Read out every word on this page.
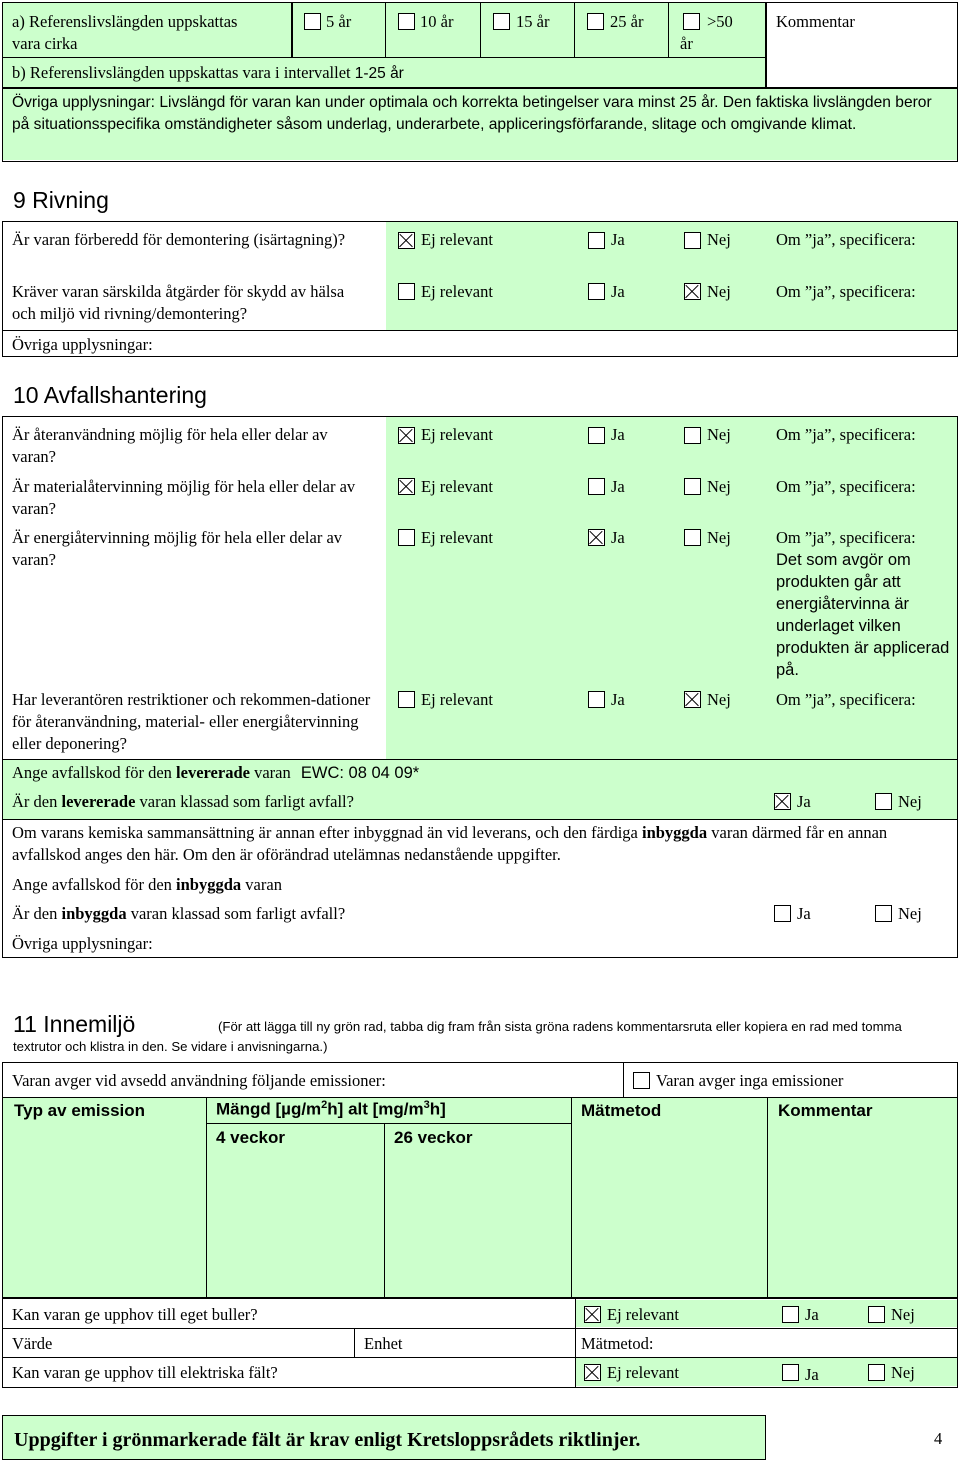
a) Referenslivslängden uppskattas vara cirka
5 år	10 år	15 år	25 år	>50 år
Kommentar
b) Referenslivslängden uppskattas vara i intervallet 1-25 år
Övriga upplysningar: Livslängd för varan kan under optimala och korrekta betingelser vara minst 25 år. Den faktiska livslängden beror på situationsspecifika omständigheter såsom underlag, underarbete, appliceringsförfarande, slitage och omgivande klimat.
9 Rivning
Är varan förberedd för demontering (isärtagning)?	Ej relevant	Ja	Nej	Om ”ja”, specificera:
Kräver varan särskilda åtgärder för skydd av hälsa och miljö vid rivning/demontering?
Ej relevant	Ja	Nej	Om ”ja”, specificera:
Övriga upplysningar:
10 Avfallshantering
Är återanvändning möjlig för hela eller delar av varan?
Ej relevant	Ja	Nej	Om ”ja”, specificera:
Är materialåtervinning möjlig för hela eller delar av varan?
Ej relevant	Ja	Nej	Om ”ja”, specificera:
Är energiåtervinning möjlig för hela eller delar av varan?
Ej relevant	Ja	Nej	Om ”ja”, specificera:
Det som avgör om produkten går att energiåtervinna är underlaget vilken produkten är applicerad på.
Har leverantören restriktioner och rekommen-dationer för återanvändning, material- eller energiåtervinning eller deponering?
Ej relevant	Ja	Nej	Om ”ja”, specificera:
Ange avfallskod för den levererade varan EWC: 08 04 09*
Är den levererade varan klassad som farligt avfall?	Ja	Nej
Om varans kemiska sammansättning är annan efter inbyggnad än vid leverans, och den färdiga inbyggda varan därmed får en annan avfallskod anges den här. Om den är oförändrad utelämnas nedanstående uppgifter.
Ange avfallskod för den inbyggda varan
Är den inbyggda varan klassad som farligt avfall?	Ja	Nej
Övriga upplysningar:
11 Innemiljö	(För att lägga till ny grön rad, tabba dig fram från sista gröna radens kommentarsruta eller kopiera en rad med tomma textrutor och klistra in den. Se vidare i anvisningarna.)
Varan avger vid avsedd användning följande emissioner:	Varan avger inga emissioner
Typ av emission	Mängd $[\mu g/m^2h]$ alt $[mg/m^3h]$	Mätmetod	Kommentar
4 veckor	26 veckor
Kan varan ge upphov till eget buller?	Ej relevant	Ja	Nej
Värde	Enhet	Mätmetod:
Kan varan ge upphov till elektriska fält?	Ej relevant	Ja	Nej
Uppgifter i grönmarkerade fält är krav enligt Kretsloppsrådets riktlinjer.	4
